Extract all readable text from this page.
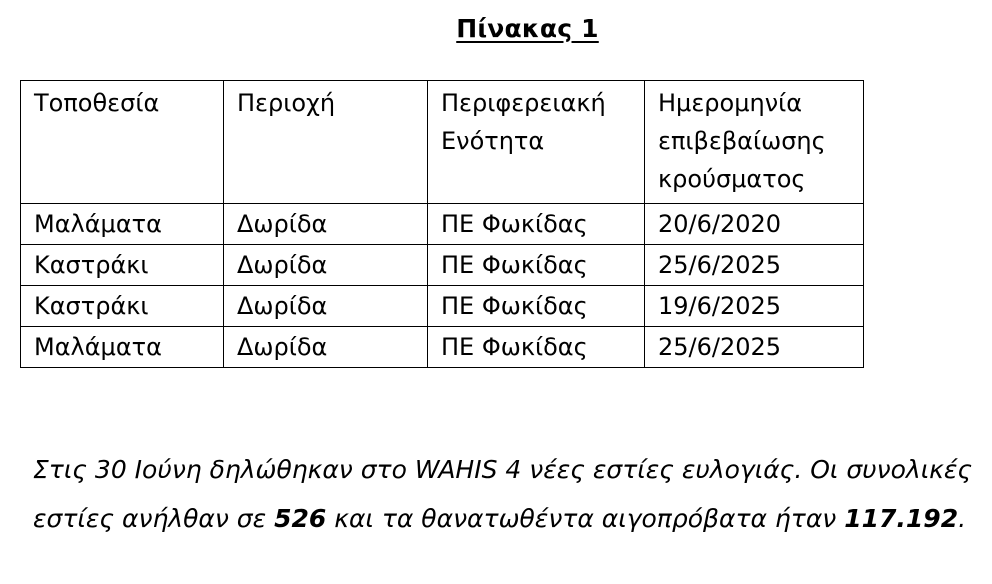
Πίνακας 1
Τοποθεσία	Περιοχή	Περιφερειακή Ενότητα	Ημερομηνία επιβεβαίωσης κρούσματος
Μαλάματα	Δωρίδα	ΠΕ Φωκίδας	20/6/2020
Καστράκι	Δωρίδα	ΠΕ Φωκίδας	25/6/2025
Καστράκι	Δωρίδα	ΠΕ Φωκίδας	19/6/2025
Μαλάματα	Δωρίδα	ΠΕ Φωκίδας	25/6/2025
Στις 30 Ιούνη δηλώθηκαν στο WAHIS 4 νέες εστίες ευλογιάς. Οι συνολικές εστίες ανήλθαν σε 526 και τα θανατωθέντα αιγοπρόβατα ήταν 117.192.
